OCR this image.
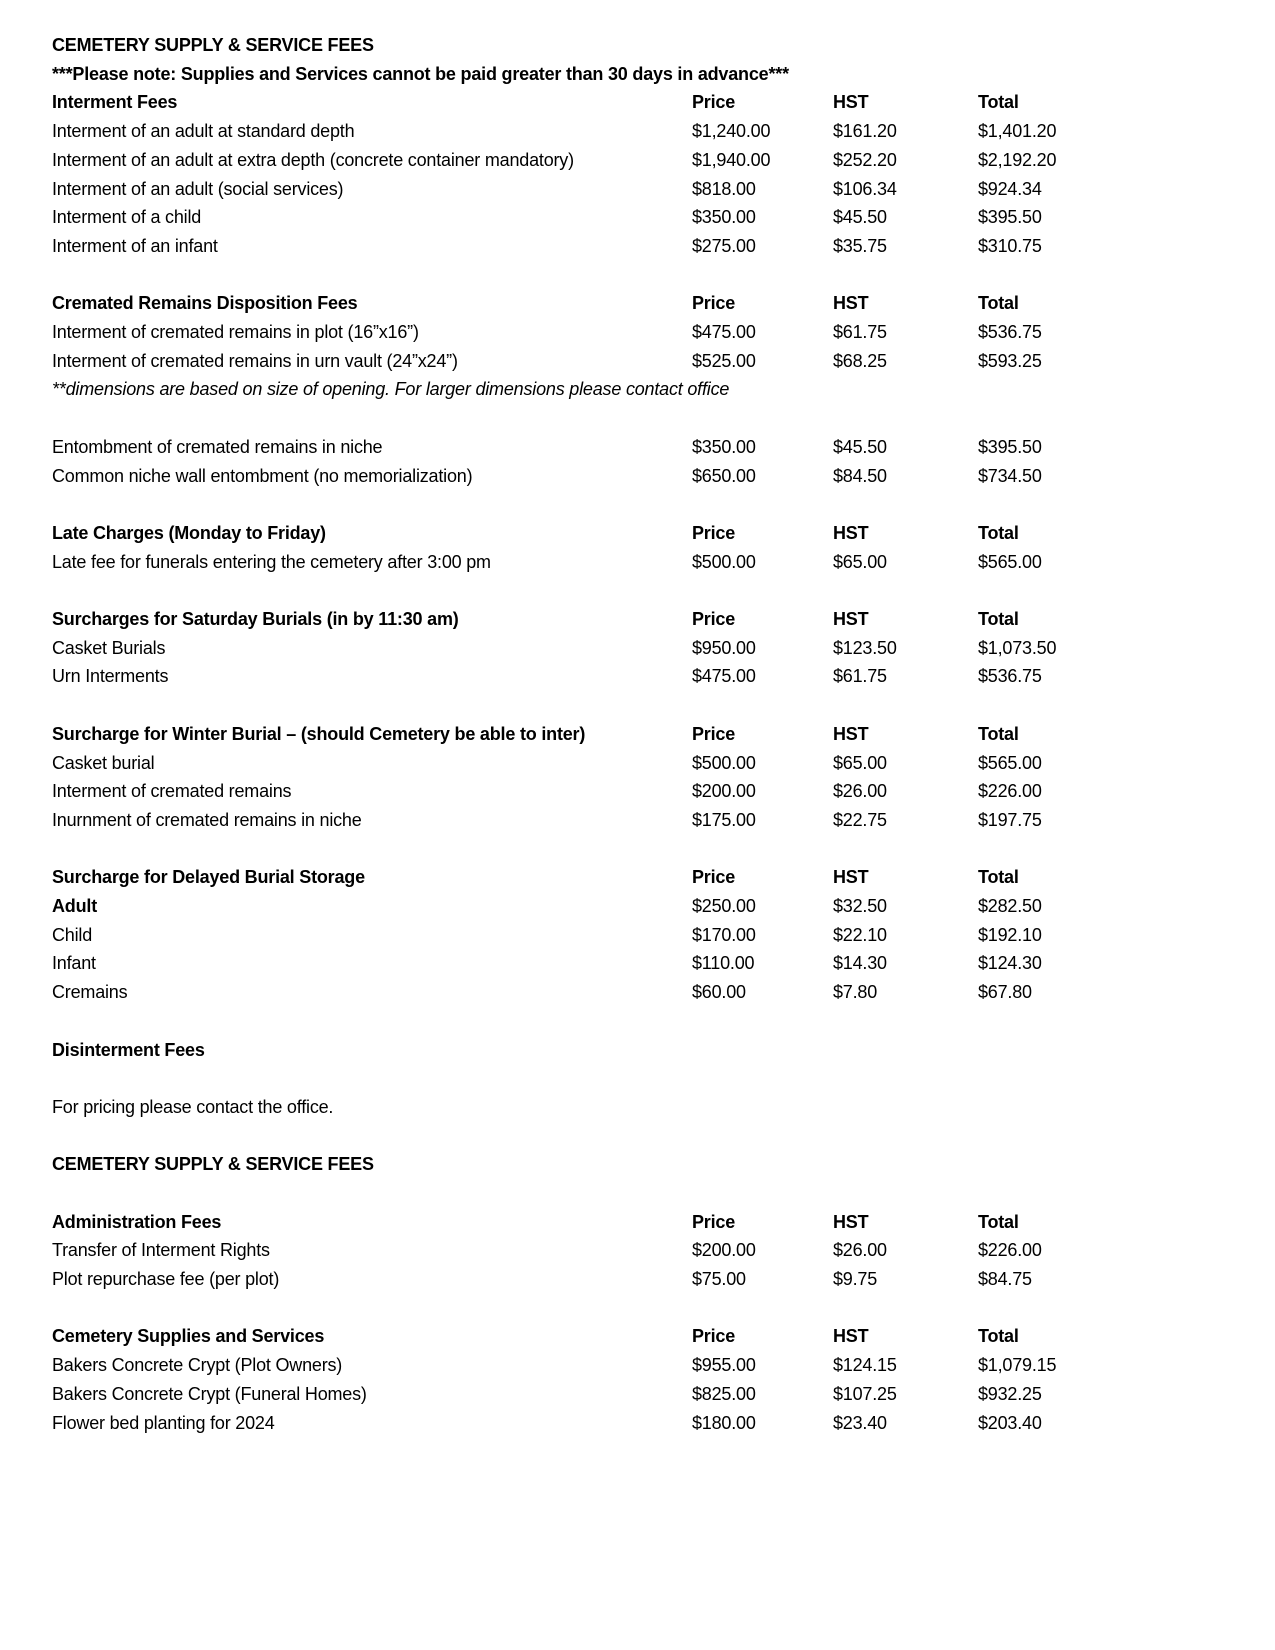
CEMETERY SUPPLY & SERVICE FEES
***Please note: Supplies and Services cannot be paid greater than 30 days in advance***
Interment Fees	Price	HST	Total
Interment of an adult at standard depth	$1,240.00	$161.20	$1,401.20
Interment of an adult at extra depth (concrete container mandatory)	$1,940.00	$252.20	$2,192.20
Interment of an adult (social services)	$818.00	$106.34	$924.34
Interment of a child	$350.00	$45.50	$395.50
Interment of an infant	$275.00	$35.75	$310.75
Cremated Remains Disposition Fees	Price	HST	Total
Interment of cremated remains in plot (16”x16”)	$475.00	$61.75	$536.75
Interment of cremated remains in urn vault (24”x24”)	$525.00	$68.25	$593.25
**dimensions are based on size of opening. For larger dimensions please contact office
Entombment of cremated remains in niche	$350.00	$45.50	$395.50
Common niche wall entombment (no memorialization)	$650.00	$84.50	$734.50
Late Charges (Monday to Friday)	Price	HST	Total
Late fee for funerals entering the cemetery after 3:00 pm	$500.00	$65.00	$565.00
Surcharges for Saturday Burials (in by 11:30 am)	Price	HST	Total
Casket Burials	$950.00	$123.50	$1,073.50
Urn Interments	$475.00	$61.75	$536.75
Surcharge for Winter Burial – (should Cemetery be able to inter)	Price	HST	Total
Casket burial	$500.00	$65.00	$565.00
Interment of cremated remains	$200.00	$26.00	$226.00
Inurnment of cremated remains in niche	$175.00	$22.75	$197.75
Surcharge for Delayed Burial Storage	Price	HST	Total
Adult	$250.00	$32.50	$282.50
Child	$170.00	$22.10	$192.10
Infant	$110.00	$14.30	$124.30
Cremains	$60.00	$7.80	$67.80
Disinterment Fees

For pricing please contact the office.

CEMETERY SUPPLY & SERVICE FEES
Administration Fees	Price	HST	Total
Transfer of Interment Rights	$200.00	$26.00	$226.00
Plot repurchase fee (per plot)	$75.00	$9.75	$84.75
Cemetery Supplies and Services	Price	HST	Total
Bakers Concrete Crypt (Plot Owners)	$955.00	$124.15	$1,079.15
Bakers Concrete Crypt (Funeral Homes)	$825.00	$107.25	$932.25
Flower bed planting for 2024	$180.00	$23.40	$203.40
